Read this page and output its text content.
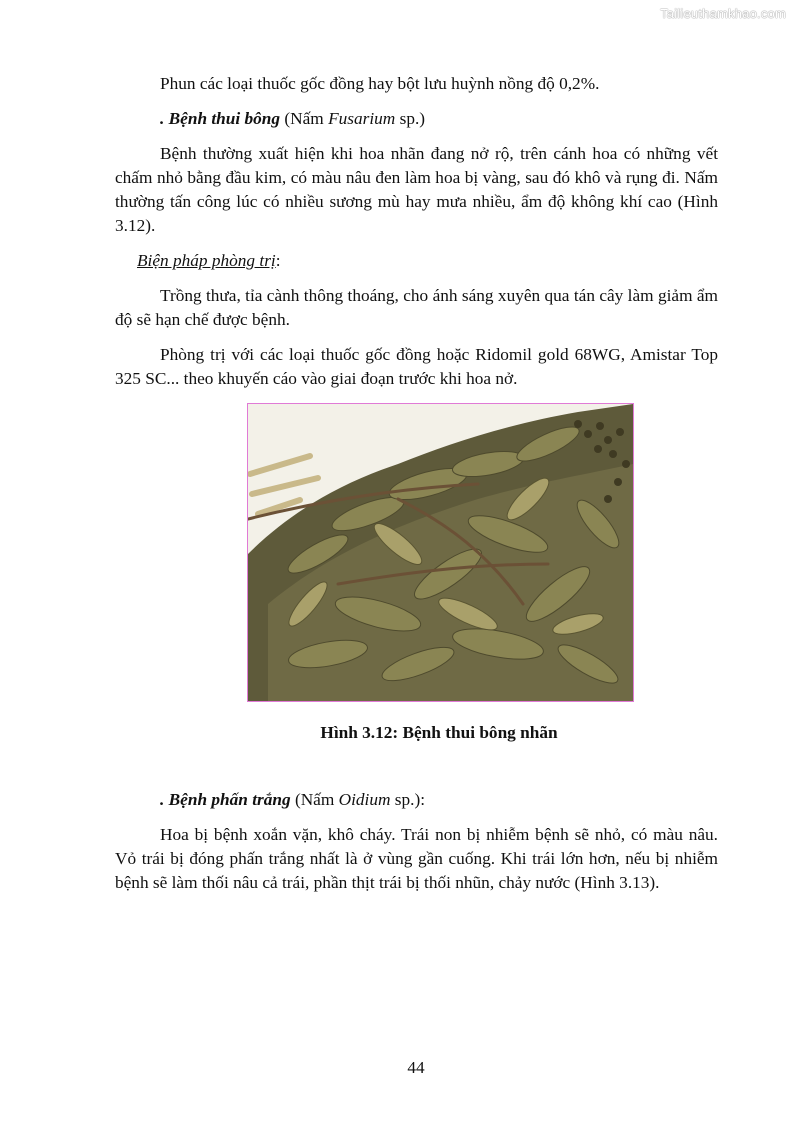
Tailieuthamkhao.com

Phun các loại thuốc gốc đồng hay bột lưu huỳnh nồng độ 0,2%.

. Bệnh thui bông (Nấm Fusarium sp.)

Bệnh thường xuất hiện khi hoa nhãn đang nở rộ, trên cánh hoa có những vết chấm nhỏ bằng đầu kim, có màu nâu đen làm hoa bị vàng, sau đó khô và rụng đi. Nấm thường tấn công lúc có nhiều sương mù hay mưa nhiều, ẩm độ không khí cao (Hình 3.12).

Biện pháp phòng trị:

Trồng thưa, tỉa cành thông thoáng, cho ánh sáng xuyên qua tán cây làm giảm ẩm độ sẽ hạn chế được bệnh.

Phòng trị với các loại thuốc gốc đồng hoặc Ridomil gold 68WG, Amistar Top 325 SC... theo khuyến cáo vào giai đoạn trước khi hoa nở.

Hình 3.12: Bệnh thui bông nhãn

. Bệnh phấn trắng (Nấm Oidium sp.):

Hoa bị bệnh xoắn vặn, khô cháy. Trái non bị nhiễm bệnh sẽ nhỏ, có màu nâu. Vỏ trái bị đóng phấn trắng nhất là ở vùng gần cuống. Khi trái lớn hơn, nếu bị nhiễm bệnh sẽ làm thối nâu cả trái, phần thịt trái bị thối nhũn, chảy nước (Hình 3.13).

44
